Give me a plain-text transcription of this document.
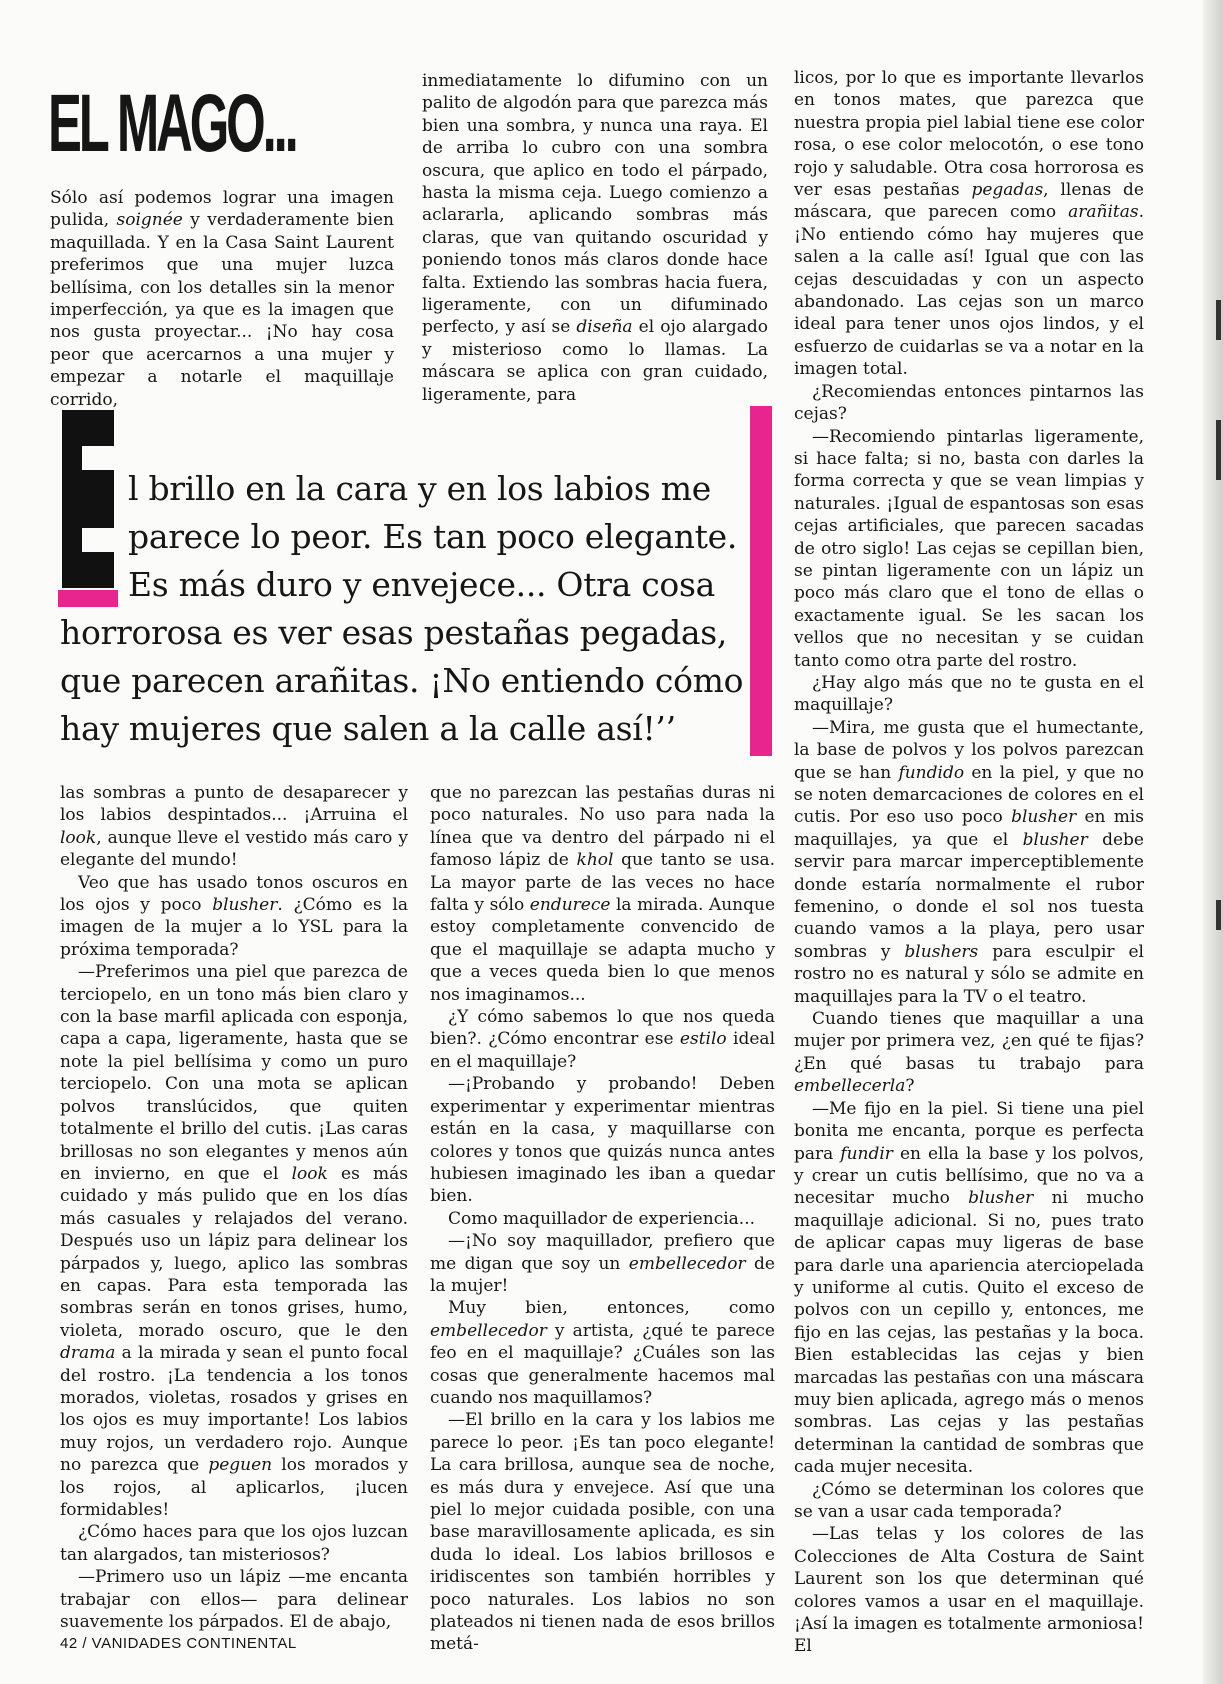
EL MAGO...

Sólo así podemos lograr una imagen pulida, soignée y verdaderamente bien maquillada. Y en la Casa Saint Laurent preferimos que una mujer luzca bellísima, con los detalles sin la menor imperfección, ya que es la imagen que nos gusta proyectar... ¡No hay cosa peor que acercarnos a una mujer y empezar a notarle el maquillaje corrido,

inmediatamente lo difumino con un palito de algodón para que parezca más bien una sombra, y nunca una raya. El de arriba lo cubro con una sombra oscura, que aplico en todo el párpado, hasta la misma ceja. Luego comienzo a aclararla, aplicando sombras más claras, que van quitando oscuridad y poniendo tonos más claros donde hace falta. Extiendo las sombras hacia fuera, ligeramente, con un difuminado perfecto, y así se diseña el ojo alargado y misterioso como lo llamas. La máscara se aplica con gran cuidado, ligeramente, para

licos, por lo que es importante llevarlos en tonos mates, que parezca que nuestra propia piel labial tiene ese color rosa, o ese color melocotón, o ese tono rojo y saludable. Otra cosa horrorosa es ver esas pestañas pegadas, llenas de máscara, que parecen como arañitas. ¡No entiendo cómo hay mujeres que salen a la calle así! Igual que con las cejas descuidadas y con un aspecto abandonado. Las cejas son un marco ideal para tener unos ojos lindos, y el esfuerzo de cuidarlas se va a notar en la imagen total.

¿Recomiendas entonces pintarnos las cejas?

—Recomiendo pintarlas ligeramente, si hace falta; si no, basta con darles la forma correcta y que se vean limpias y naturales. ¡Igual de espantosas son esas cejas artificiales, que parecen sacadas de otro siglo! Las cejas se cepillan bien, se pintan ligeramente con un lápiz un poco más claro que el tono de ellas o exactamente igual. Se les sacan los vellos que no necesitan y se cuidan tanto como otra parte del rostro.

¿Hay algo más que no te gusta en el maquillaje?

—Mira, me gusta que el humectante, la base de polvos y los polvos parezcan que se han fundido en la piel, y que no se noten demarcaciones de colores en el cutis. Por eso uso poco blusher en mis maquillajes, ya que el blusher debe servir para marcar imperceptiblemente donde estaría normalmente el rubor femenino, o donde el sol nos tuesta cuando vamos a la playa, pero usar sombras y blushers para esculpir el rostro no es natural y sólo se admite en maquillajes para la TV o el teatro.

Cuando tienes que maquillar a una mujer por primera vez, ¿en qué te fijas? ¿En qué basas tu trabajo para embellecerla?

—Me fijo en la piel. Si tiene una piel bonita me encanta, porque es perfecta para fundir en ella la base y los polvos, y crear un cutis bellísimo, que no va a necesitar mucho blusher ni mucho maquillaje adicional. Si no, pues trato de aplicar capas muy ligeras de base para darle una apariencia aterciopelada y uniforme al cutis. Quito el exceso de polvos con un cepillo y, entonces, me fijo en las cejas, las pestañas y la boca. Bien establecidas las cejas y bien marcadas las pestañas con una máscara muy bien aplicada, agrego más o menos sombras. Las cejas y las pestañas determinan la cantidad de sombras que cada mujer necesita.

¿Cómo se determinan los colores que se van a usar cada temporada?

—Las telas y los colores de las Colecciones de Alta Costura de Saint Laurent son los que determinan qué colores vamos a usar en el maquillaje. ¡Así la imagen es totalmente armoniosa! El

l brillo en la cara y en los labios me
parece lo peor. Es tan poco elegante.
Es más duro y envejece... Otra cosa
horrorosa es ver esas pestañas pegadas,
que parecen arañitas. ¡No entiendo cómo
hay mujeres que salen a la calle así!’’

las sombras a punto de desaparecer y los labios despintados... ¡Arruina el look, aunque lleve el vestido más caro y elegante del mundo!

Veo que has usado tonos oscuros en los ojos y poco blusher. ¿Cómo es la imagen de la mujer a lo YSL para la próxima temporada?

—Preferimos una piel que parezca de terciopelo, en un tono más bien claro y con la base marfil aplicada con esponja, capa a capa, ligeramente, hasta que se note la piel bellísima y como un puro terciopelo. Con una mota se aplican polvos translúcidos, que quiten totalmente el brillo del cutis. ¡Las caras brillosas no son elegantes y menos aún en invierno, en que el look es más cuidado y más pulido que en los días más casuales y relajados del verano. Después uso un lápiz para delinear los párpados y, luego, aplico las sombras en capas. Para esta temporada las sombras serán en tonos grises, humo, violeta, morado oscuro, que le den drama a la mirada y sean el punto focal del rostro. ¡La tendencia a los tonos morados, violetas, rosados y grises en los ojos es muy importante! Los labios muy rojos, un verdadero rojo. Aunque no parezca que peguen los morados y los rojos, al aplicarlos, ¡lucen formidables!

¿Cómo haces para que los ojos luzcan tan alargados, tan misteriosos?

—Primero uso un lápiz —me encanta trabajar con ellos— para delinear suavemente los párpados. El de abajo,

que no parezcan las pestañas duras ni poco naturales. No uso para nada la línea que va dentro del párpado ni el famoso lápiz de khol que tanto se usa. La mayor parte de las veces no hace falta y sólo endurece la mirada. Aunque estoy completamente convencido de que el maquillaje se adapta mucho y que a veces queda bien lo que menos nos imaginamos...

¿Y cómo sabemos lo que nos queda bien?. ¿Cómo encontrar ese estilo ideal en el maquillaje?

—¡Probando y probando! Deben experimentar y experimentar mientras están en la casa, y maquillarse con colores y tonos que quizás nunca antes hubiesen imaginado les iban a quedar bien.

Como maquillador de experiencia...

—¡No soy maquillador, prefiero que me digan que soy un embellecedor de la mujer!

Muy bien, entonces, como embellecedor y artista, ¿qué te parece feo en el maquillaje? ¿Cuáles son las cosas que generalmente hacemos mal cuando nos maquillamos?

—El brillo en la cara y los labios me parece lo peor. ¡Es tan poco elegante! La cara brillosa, aunque sea de noche, es más dura y envejece. Así que una piel lo mejor cuidada posible, con una base maravillosamente aplicada, es sin duda lo ideal. Los labios brillosos e iridiscentes son también horribles y poco naturales. Los labios no son plateados ni tienen nada de esos brillos metá-

42 / VANIDADES CONTINENTAL
